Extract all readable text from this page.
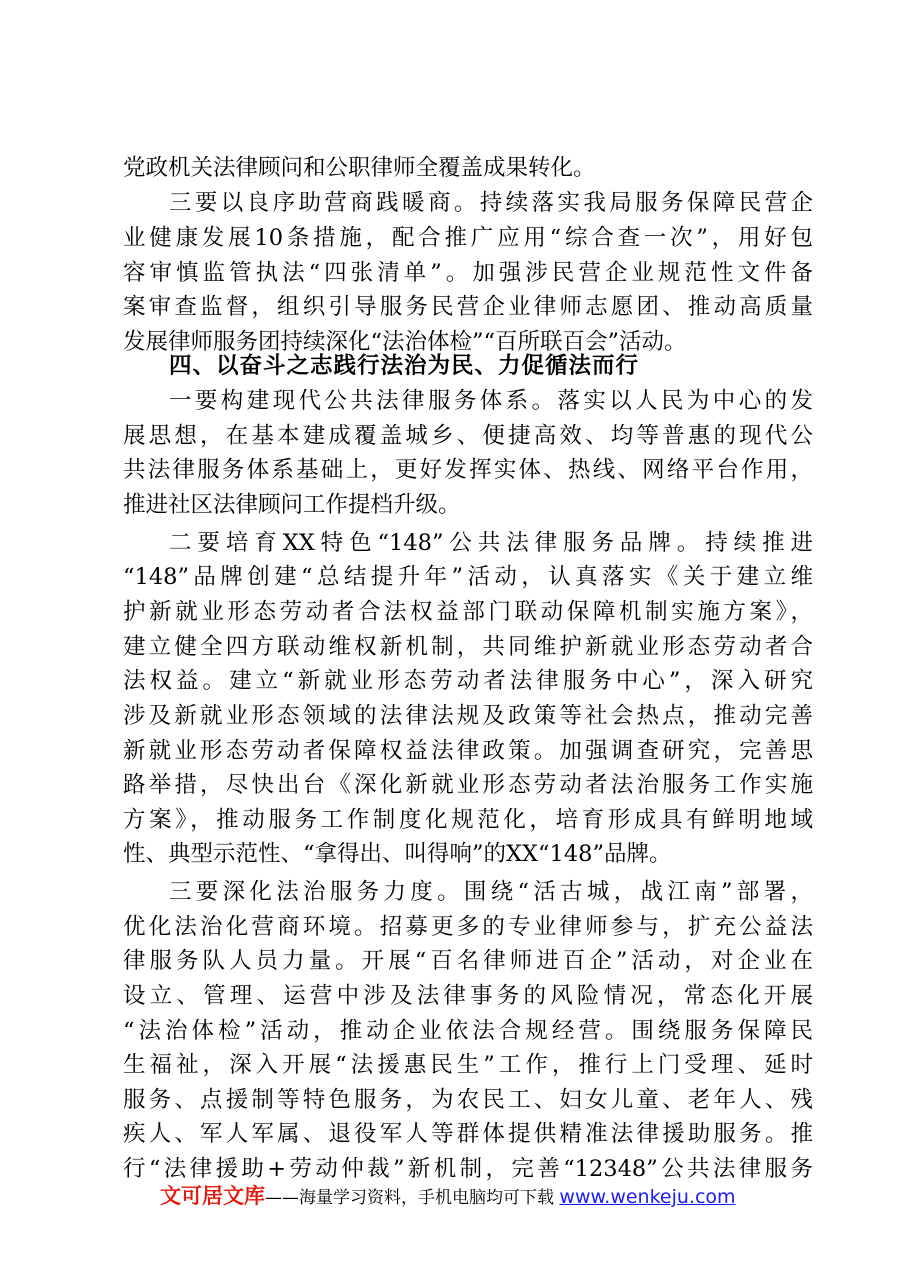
党政机关法律顾问和公职律师全覆盖成果转化。
三要以良序助营商践暖商。持续落实我局服务保障民营企
业健康发展10条措施，配合推广应用“综合查一次”，用好包
容审慎监管执法“四张清单”。加强涉民营企业规范性文件备
案审查监督，组织引导服务民营企业律师志愿团、推动高质量
发展律师服务团持续深化“法治体检”“百所联百会”活动。
一要构建现代公共法律服务体系。落实以人民为中心的发
展思想，在基本建成覆盖城乡、便捷高效、均等普惠的现代公
共法律服务体系基础上，更好发挥实体、热线、网络平台作用，
推进社区法律顾问工作提档升级。
二要培育XX特色“148”公共法律服务品牌。持续推进
“148”品牌创建“总结提升年”活动，认真落实《关于建立维
护新就业形态劳动者合法权益部门联动保障机制实施方案》，
建立健全四方联动维权新机制，共同维护新就业形态劳动者合
法权益。建立“新就业形态劳动者法律服务中心”，深入研究
涉及新就业形态领域的法律法规及政策等社会热点，推动完善
新就业形态劳动者保障权益法律政策。加强调查研究，完善思
路举措，尽快出台《深化新就业形态劳动者法治服务工作实施
方案》，推动服务工作制度化规范化，培育形成具有鲜明地域
性、典型示范性、“拿得出、叫得响”的XX“148”品牌。
三要深化法治服务力度。围绕“活古城，战江南”部署，
优化法治化营商环境。招募更多的专业律师参与，扩充公益法
律服务队人员力量。开展“百名律师进百企”活动，对企业在
设立、管理、运营中涉及法律事务的风险情况，常态化开展
“法治体检”活动，推动企业依法合规经营。围绕服务保障民
生福祉，深入开展“法援惠民生”工作，推行上门受理、延时
服务、点援制等特色服务，为农民工、妇女儿童、老年人、残
疾人、军人军属、退役军人等群体提供精准法律援助服务。推
行“法律援助+劳动仲裁”新机制，完善“12348”公共法律服务
四、以奋斗之志践行法治为民、力促循法而行
文可居文库——海量学习资料，手机电脑均可下载 www.wenkeju.com
